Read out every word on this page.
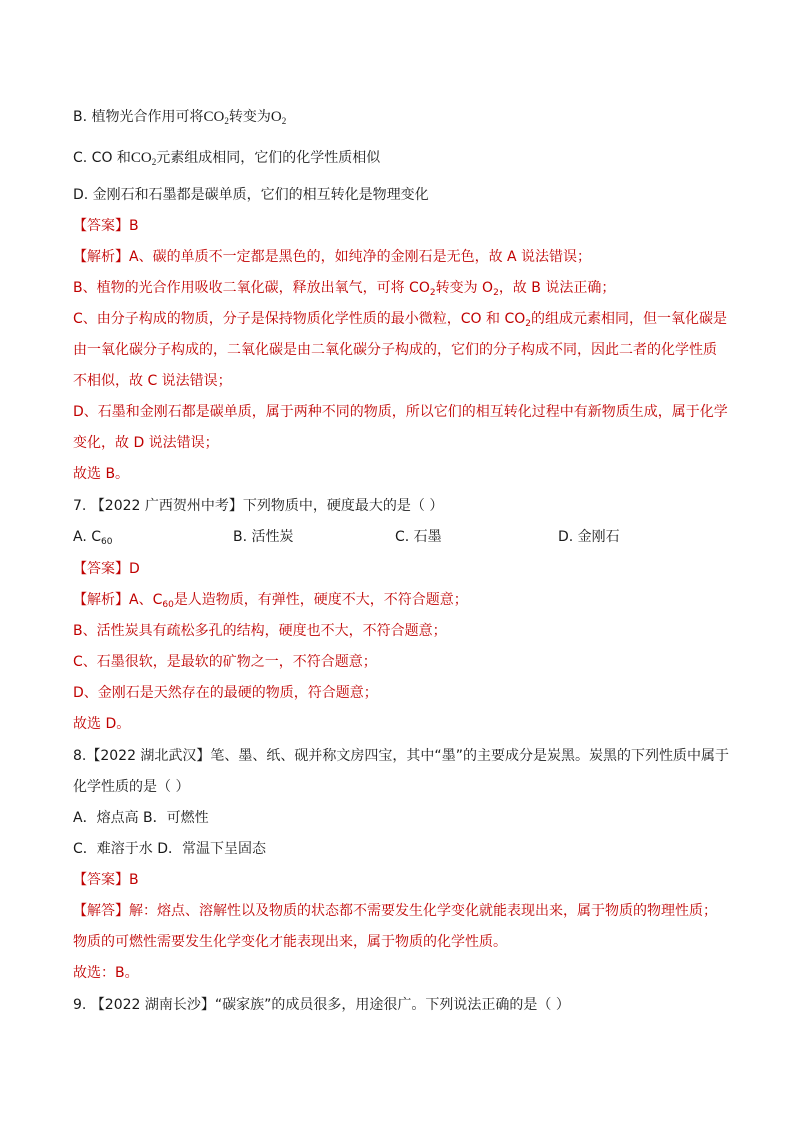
B. 植物光合作用可将$CO_2$转变为$O_2$
C. CO 和$CO_2$元素组成相同，它们的化学性质相似
D. 金刚石和石墨都是碳单质，它们的相互转化是物理变化
【答案】B
【解析】A、碳的单质不一定都是黑色的，如纯净的金刚石是无色，故 A 说法错误；
B、植物的光合作用吸收二氧化碳，释放出氧气，可将 $CO_2$转变为 $O_2$，故 B 说法正确；
C、由分子构成的物质，分子是保持物质化学性质的最小微粒，CO 和 $CO_2$的组成元素相同，但一氧化碳是
由一氧化碳分子构成的，二氧化碳是由二氧化碳分子构成的，它们的分子构成不同，因此二者的化学性质
不相似，故 C 说法错误；
D、石墨和金刚石都是碳单质，属于两种不同的物质，所以它们的相互转化过程中有新物质生成，属于化学
变化，故 D 说法错误；
故选 B。
7. 【2022 广西贺州中考】下列物质中，硬度最大的是（ ）
A. $C_{60}$	B. 活性炭	C. 石墨	D. 金刚石
【答案】D
【解析】A、$C_{60}$是人造物质，有弹性，硬度不大，不符合题意；
B、活性炭具有疏松多孔的结构，硬度也不大，不符合题意；
C、石墨很软，是最软的矿物之一，不符合题意；
D、金刚石是天然存在的最硬的物质，符合题意；
故选 D。
8.【2022 湖北武汉】笔、墨、纸、砚并称文房四宝，其中“墨”的主要成分是炭黑。炭黑的下列性质中属于
化学性质的是（ ）
A．熔点高 B．可燃性
C．难溶于水 D．常温下呈固态
【答案】B
【解答】解：熔点、溶解性以及物质的状态都不需要发生化学变化就能表现出来，属于物质的物理性质；
物质的可燃性需要发生化学变化才能表现出来，属于物质的化学性质。
故选：B。
9. 【2022 湖南长沙】“碳家族”的成员很多，用途很广。下列说法正确的是（ ）
